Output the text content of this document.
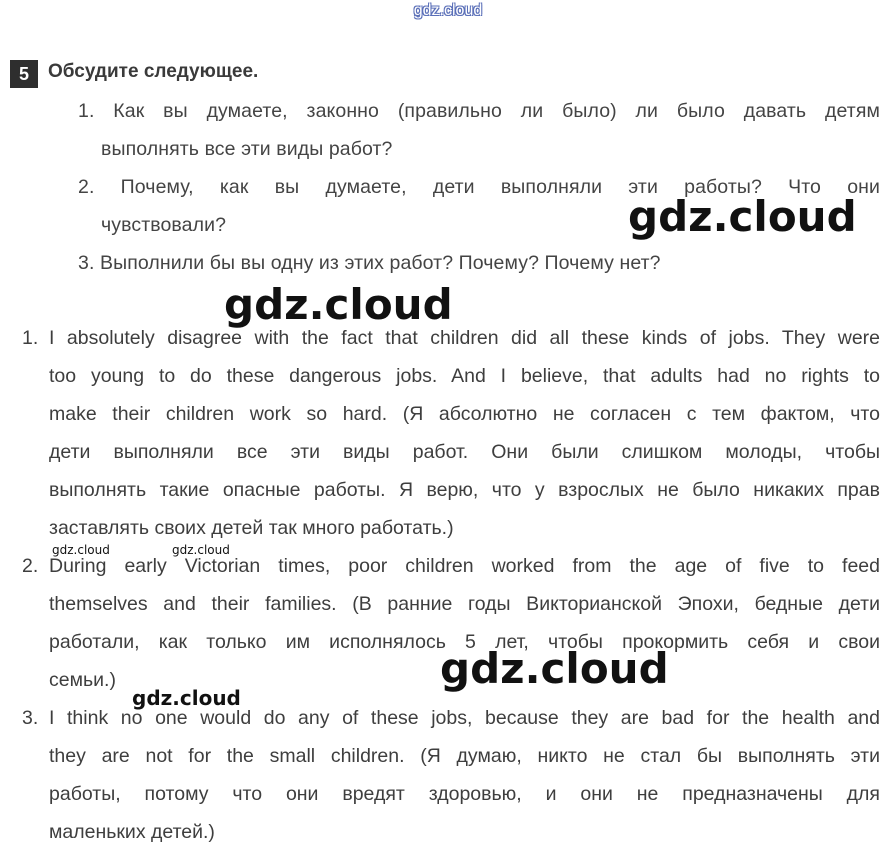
gdz.cloud
5	Обсудите следующее.
1. Как вы думаете, законно (правильно ли было) ли было давать детям
выполнять все эти виды работ?
2. Почему, как вы думаете, дети выполняли эти работы? Что они
чувствовали?
3. Выполнили бы вы одну из этих работ? Почему? Почему нет?
1. I absolutely disagree with the fact that children did all these kinds of jobs. They were
too young to do these dangerous jobs. And I believe, that adults had no rights to
make their children work so hard. (Я абсолютно не согласен с тем фактом, что
дети выполняли все эти виды работ. Они были слишком молоды, чтобы
выполнять такие опасные работы. Я верю, что у взрослых не было никаких прав
заставлять своих детей так много работать.)
2. During early Victorian times, poor children worked from the age of five to feed
themselves and their families. (В ранние годы Викторианской Эпохи, бедные дети
работали, как только им исполнялось 5 лет, чтобы прокормить себя и свои
семьи.)
3. I think no one would do any of these jobs, because they are bad for the health and
they are not for the small children. (Я думаю, никто не стал бы выполнять эти
работы, потому что они вредят здоровью, и они не предназначены для
маленьких детей.)
gdz.cloud
gdz.cloud
gdz.cloud	gdz.cloud
gdz.cloud
gdz.cloud
